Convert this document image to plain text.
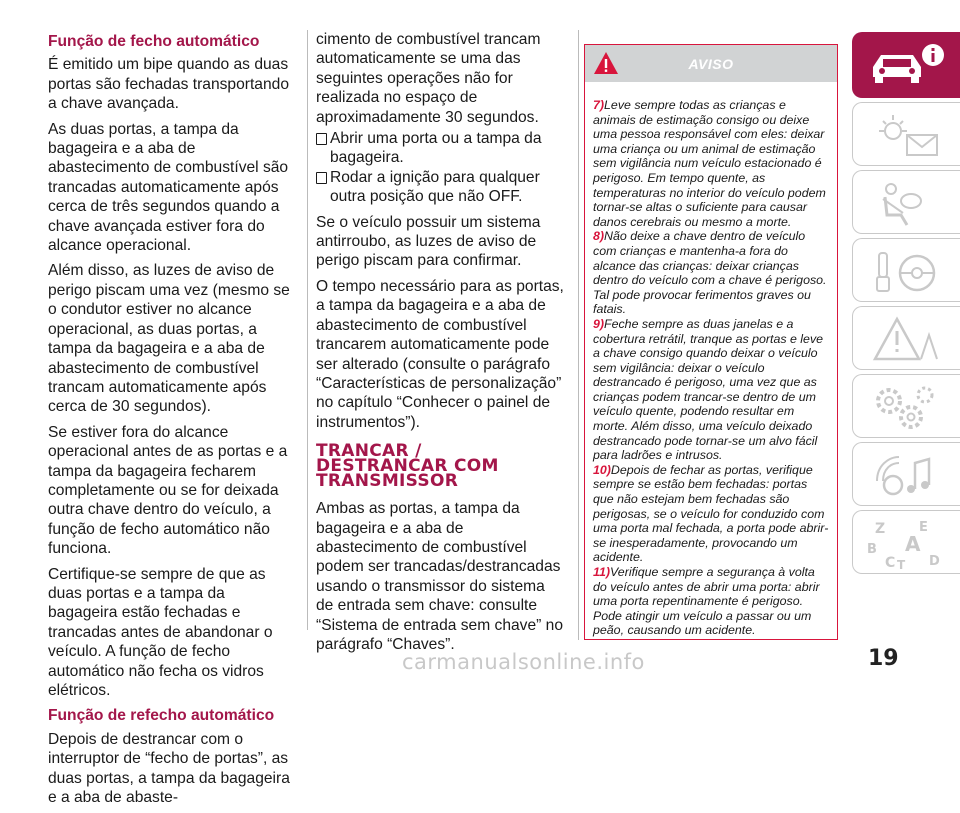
Função de fecho automático

É emitido um bipe quando as duas portas são fechadas transportando a chave avançada.

As duas portas, a tampa da bagageira e a aba de abastecimento de combustível são trancadas automaticamente após cerca de três segundos quando a chave avançada estiver fora do alcance operacional.

Além disso, as luzes de aviso de perigo piscam uma vez (mesmo se o condutor estiver no alcance operacional, as duas portas, a tampa da bagageira e a aba de abastecimento de combustível trancam automaticamente após cerca de 30 segundos).

Se estiver fora do alcance operacional antes de as portas e a tampa da bagageira fecharem completamente ou se for deixada outra chave dentro do veículo, a função de fecho automático não funciona.

Certifique-se sempre de que as duas portas e a tampa da bagageira estão fechadas e trancadas antes de abandonar o veículo. A função de fecho automático não fecha os vidros elétricos.

Função de refecho automático

Depois de destrancar com o interruptor de “fecho de portas”, as duas portas, a tampa da bagageira e a aba de abaste-

cimento de combustível trancam automaticamente se uma das seguintes operações não for realizada no espaço de aproximadamente 30 segundos.

Abrir uma porta ou a tampa da bagageira.
Rodar a ignição para qualquer outra posição que não OFF.

Se o veículo possuir um sistema antirroubo, as luzes de aviso de perigo piscam para confirmar.

O tempo necessário para as portas, a tampa da bagageira e a aba de abastecimento de combustível trancarem automaticamente pode ser alterado (consulte o parágrafo “Características de personalização” no capítulo “Conhecer o painel de instrumentos”).

TRANCAR /
DESTRANCAR COM
TRANSMISSOR

Ambas as portas, a tampa da bagageira e a aba de abastecimento de combustível podem ser trancadas/destrancadas usando o transmissor do sistema de entrada sem chave: consulte “Sistema de entrada sem chave” no parágrafo “Chaves”.

AVISO
7)Leve sempre todas as crianças e animais de estimação consigo ou deixe uma pessoa responsável com eles: deixar uma criança ou um animal de estimação sem vigilância num veículo estacionado é perigoso. Em tempo quente, as temperaturas no interior do veículo podem tornar-se altas o suficiente para causar danos cerebrais ou mesmo a morte.
8)Não deixe a chave dentro de veículo com crianças e mantenha-a fora do alcance das crianças: deixar crianças dentro do veículo com a chave é perigoso. Tal pode provocar ferimentos graves ou fatais.
9)Feche sempre as duas janelas e a cobertura retrátil, tranque as portas e leve a chave consigo quando deixar o veículo sem vigilância: deixar o veículo destrancado é perigoso, uma vez que as crianças podem trancar-se dentro de um veículo quente, podendo resultar em morte. Além disso, uma veículo deixado destrancado pode tornar-se um alvo fácil para ladrões e intrusos.
10)Depois de fechar as portas, verifique sempre se estão bem fechadas: portas que não estejam bem fechadas são perigosas, se o veículo for conduzido com uma porta mal fechada, a porta pode abrir-se inesperadamente, provocando um acidente.
11)Verifique sempre a segurança à volta do veículo antes de abrir uma porta: abrir uma porta repentinamente é perigoso. Pode atingir um veículo a passar ou um peão, causando um acidente.
Z	E
B A
C T D
carmanualsonline.info	19
